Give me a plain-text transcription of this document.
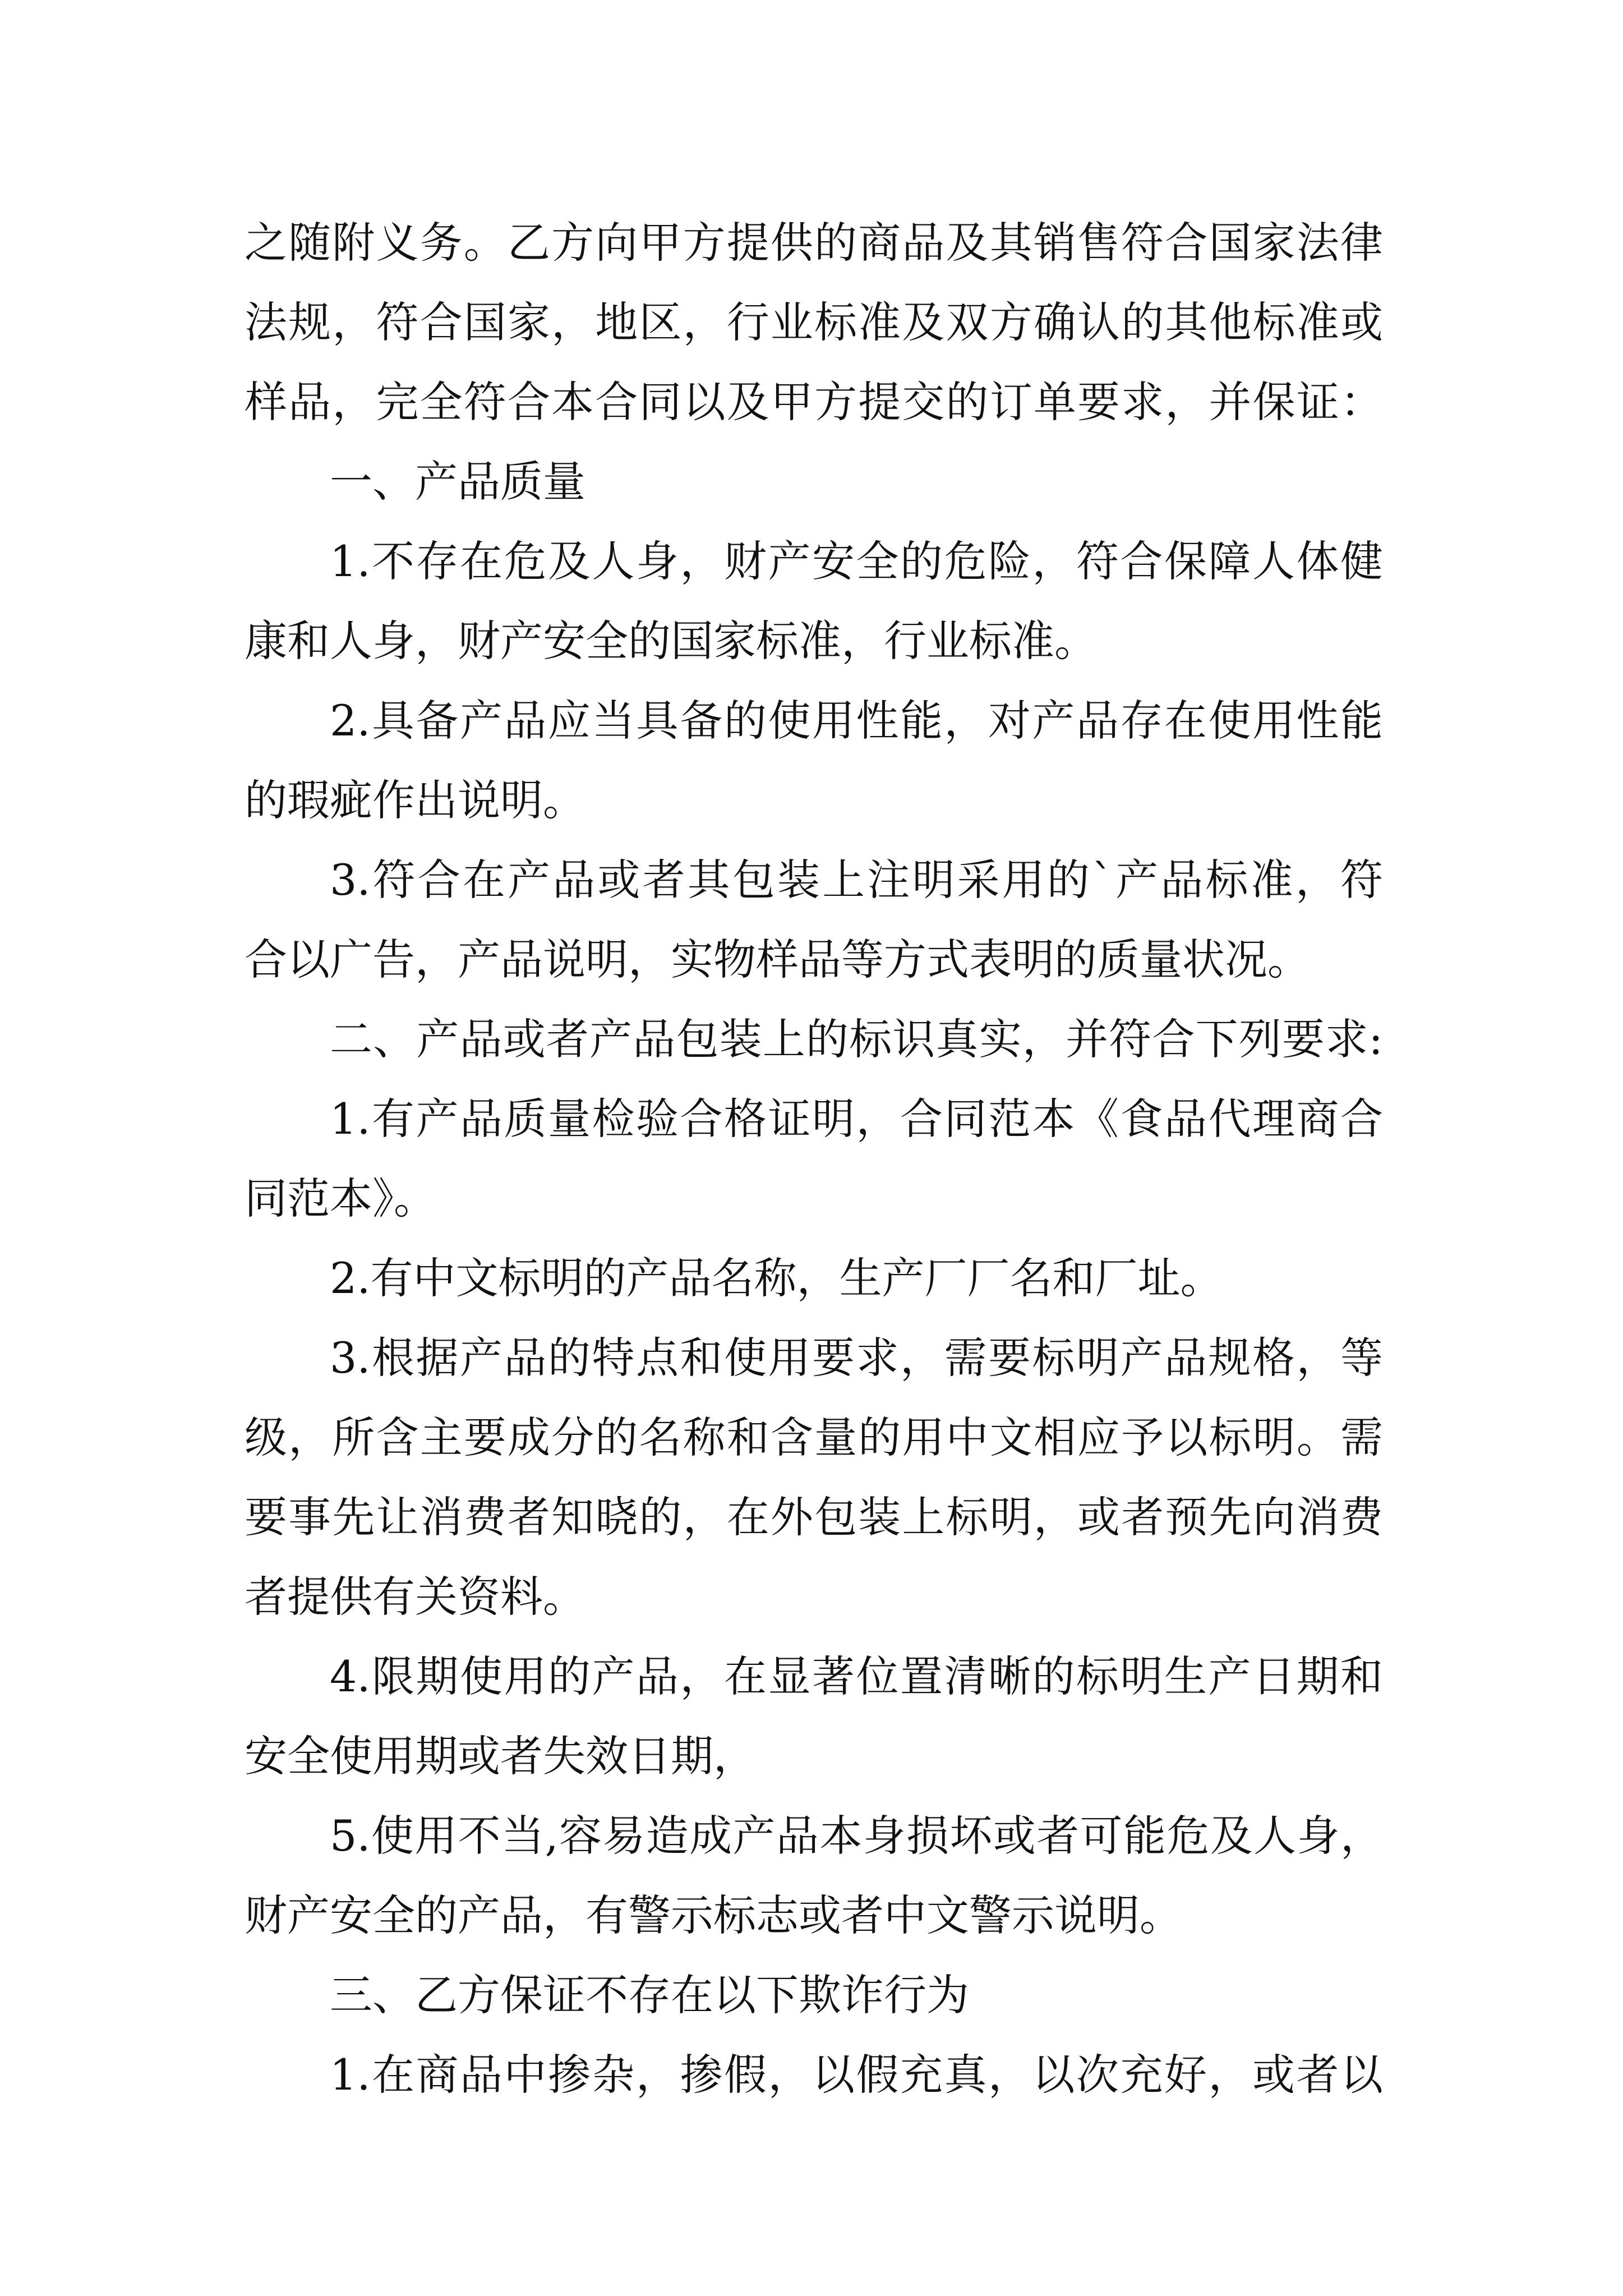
之随附义务。乙方向甲方提供的商品及其销售符合国家法律
法规，符合国家，地区，行业标准及双方确认的其他标准或
样品，完全符合本合同以及甲方提交的订单要求，并保证：
一、产品质量
1.不存在危及人身，财产安全的危险，符合保障人体健
康和人身，财产安全的国家标准，行业标准。
2.具备产品应当具备的使用性能，对产品存在使用性能
的瑕疵作出说明。
3.符合在产品或者其包装上注明采用的`产品标准，符
合以广告，产品说明，实物样品等方式表明的质量状况。
二、产品或者产品包装上的标识真实，并符合下列要求:
1.有产品质量检验合格证明，合同范本《食品代理商合
同范本》。
2.有中文标明的产品名称，生产厂厂名和厂址。
3.根据产品的特点和使用要求，需要标明产品规格，等
级，所含主要成分的名称和含量的用中文相应予以标明。需
要事先让消费者知晓的，在外包装上标明，或者预先向消费
者提供有关资料。
4.限期使用的产品，在显著位置清晰的标明生产日期和
安全使用期或者失效日期，
5.使用不当,容易造成产品本身损坏或者可能危及人身，
财产安全的产品，有警示标志或者中文警示说明。
三、乙方保证不存在以下欺诈行为
1.在商品中掺杂，掺假，以假充真，以次充好，或者以
